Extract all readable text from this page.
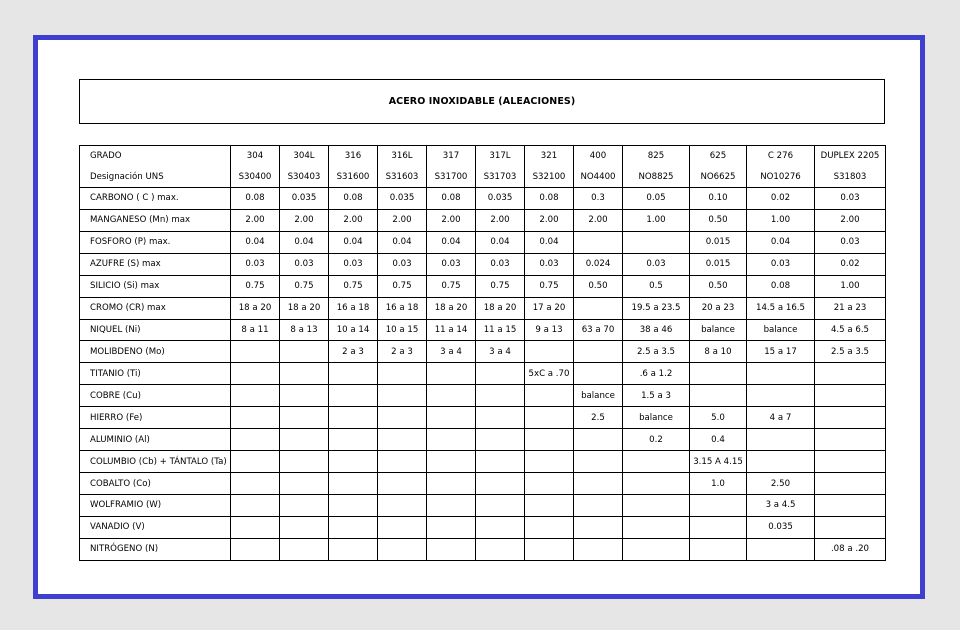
ACERO INOXIDABLE (ALEACIONES)
GRADO	304	304L	316	316L	317	317L	321	400	825	625	C 276	DUPLEX 2205
Designación UNS	S30400	S30403	S31600	S31603	S31700	S31703	S32100	NO4400	NO8825	NO6625	NO10276	S31803
CARBONO ( C ) max.	0.08	0.035	0.08	0.035	0.08	0.035	0.08	0.3	0.05	0.10	0.02	0.03
MANGANESO (Mn) max	2.00	2.00	2.00	2.00	2.00	2.00	2.00	2.00	1.00	0.50	1.00	2.00
FOSFORO (P) max.	0.04	0.04	0.04	0.04	0.04	0.04	0.04			0.015	0.04	0.03
AZUFRE (S) max	0.03	0.03	0.03	0.03	0.03	0.03	0.03	0.024	0.03	0.015	0.03	0.02
SILICIO (Si) max	0.75	0.75	0.75	0.75	0.75	0.75	0.75	0.50	0.5	0.50	0.08	1.00
CROMO (CR) max	18 a 20	18 a 20	16 a 18	16 a 18	18 a 20	18 a 20	17 a 20		19.5 a 23.5	20 a 23	14.5 a 16.5	21 a 23
NIQUEL (Ni)	8 a 11	8 a 13	10 a 14	10 a 15	11 a 14	11 a 15	9 a 13	63 a 70	38 a 46	balance	balance	4.5 a 6.5
MOLIBDENO (Mo)			2 a 3	2 a 3	3 a 4	3 a 4			2.5 a 3.5	8 a 10	15 a 17	2.5 a 3.5
TITANIO (Ti)							5xC a .70		.6 a 1.2			
COBRE (Cu)								balance	1.5 a 3			
HIERRO (Fe)								2.5	balance	5.0	4 a 7	
ALUMINIO (Al)									0.2	0.4		
COLUMBIO (Cb) + TÁNTALO (Ta)										3.15 A 4.15		
COBALTO (Co)										1.0	2.50	
WOLFRAMIO (W)											3 a 4.5	
VANADIO (V)											0.035	
NITRÓGENO (N)												.08 a .20
